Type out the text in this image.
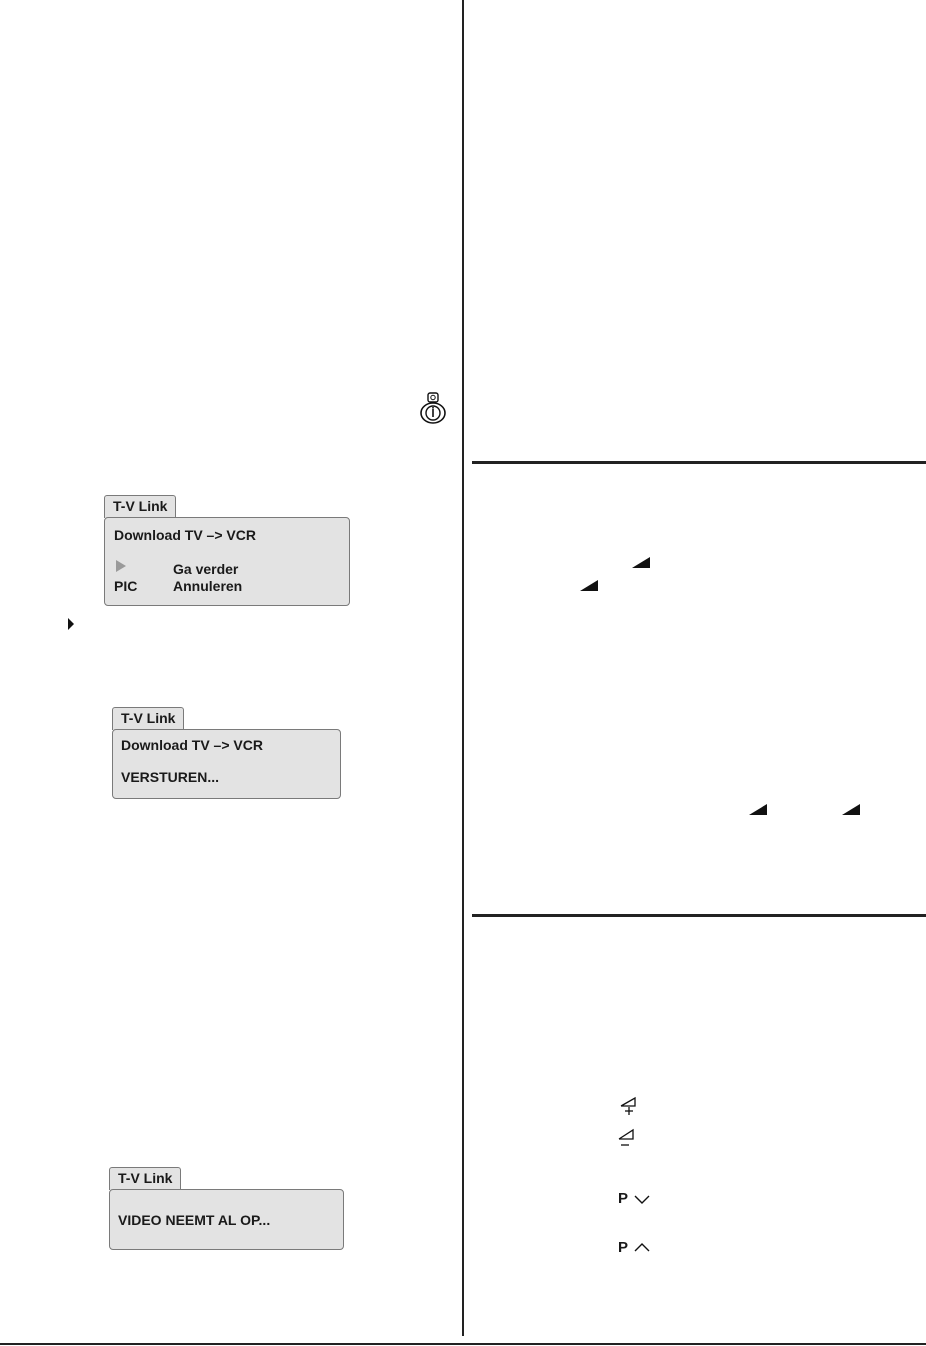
T-V Link
Download TV –> VCR
Ga verder
PIC	Annuleren
T-V Link
Download TV –> VCR
VERSTUREN...
T-V Link
VIDEO NEEMT AL OP...
P
P
